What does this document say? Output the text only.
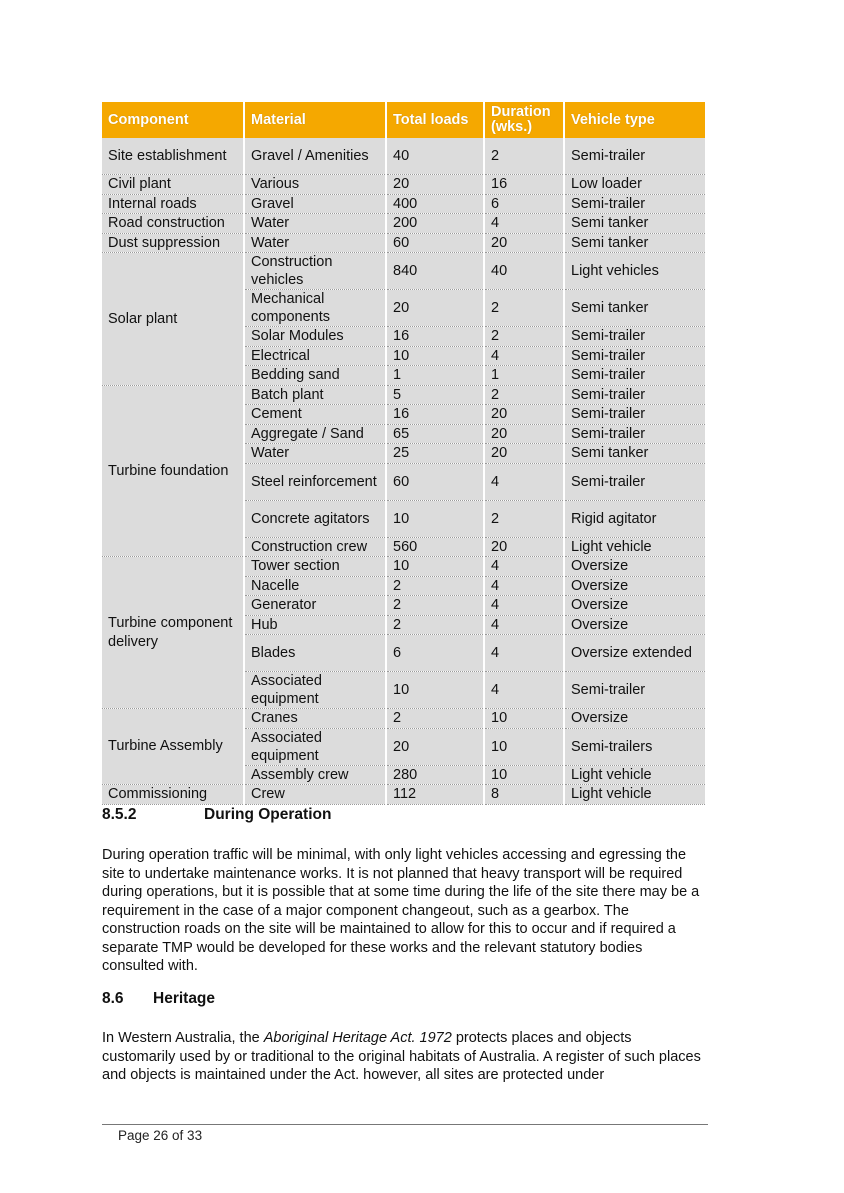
Component	Material	Total loads	Duration (wks.)	Vehicle type
Site establishment	Gravel / Amenities	40	2	Semi-trailer
Civil plant	Various	20	16	Low loader
Internal roads	Gravel	400	6	Semi-trailer
Road construction	Water	200	4	Semi tanker
Dust suppression	Water	60	20	Semi tanker
Solar plant	Construction vehicles	840	40	Light vehicles
	Mechanical components	20	2	Semi tanker
	Solar Modules	16	2	Semi-trailer
	Electrical	10	4	Semi-trailer
	Bedding sand	1	1	Semi-trailer
Turbine foundation	Batch plant	5	2	Semi-trailer
	Cement	16	20	Semi-trailer
	Aggregate / Sand	65	20	Semi-trailer
	Water	25	20	Semi tanker
	Steel reinforcement	60	4	Semi-trailer
	Concrete agitators	10	2	Rigid agitator
	Construction crew	560	20	Light vehicle
Turbine component delivery	Tower section	10	4	Oversize
	Nacelle	2	4	Oversize
	Generator	2	4	Oversize
	Hub	2	4	Oversize
	Blades	6	4	Oversize extended
	Associated equipment	10	4	Semi-trailer
Turbine Assembly	Cranes	2	10	Oversize
	Associated equipment	20	10	Semi-trailers
	Assembly crew	280	10	Light vehicle
Commissioning	Crew	112	8	Light vehicle
8.5.2	During Operation
During operation traffic will be minimal, with only light vehicles accessing and egressing the site to undertake maintenance works. It is not planned that heavy transport will be required during operations, but it is possible that at some time during the life of the site there may be a requirement in the case of a major component changeout, such as a gearbox. The construction roads on the site will be maintained to allow for this to occur and if required a separate TMP would be developed for these works and the relevant statutory bodies consulted with.
8.6 Heritage
In Western Australia, the Aboriginal Heritage Act. 1972 protects places and objects customarily used by or traditional to the original habitats of Australia. A register of such places and objects is maintained under the Act. however, all sites are protected under
Page 26 of 33
